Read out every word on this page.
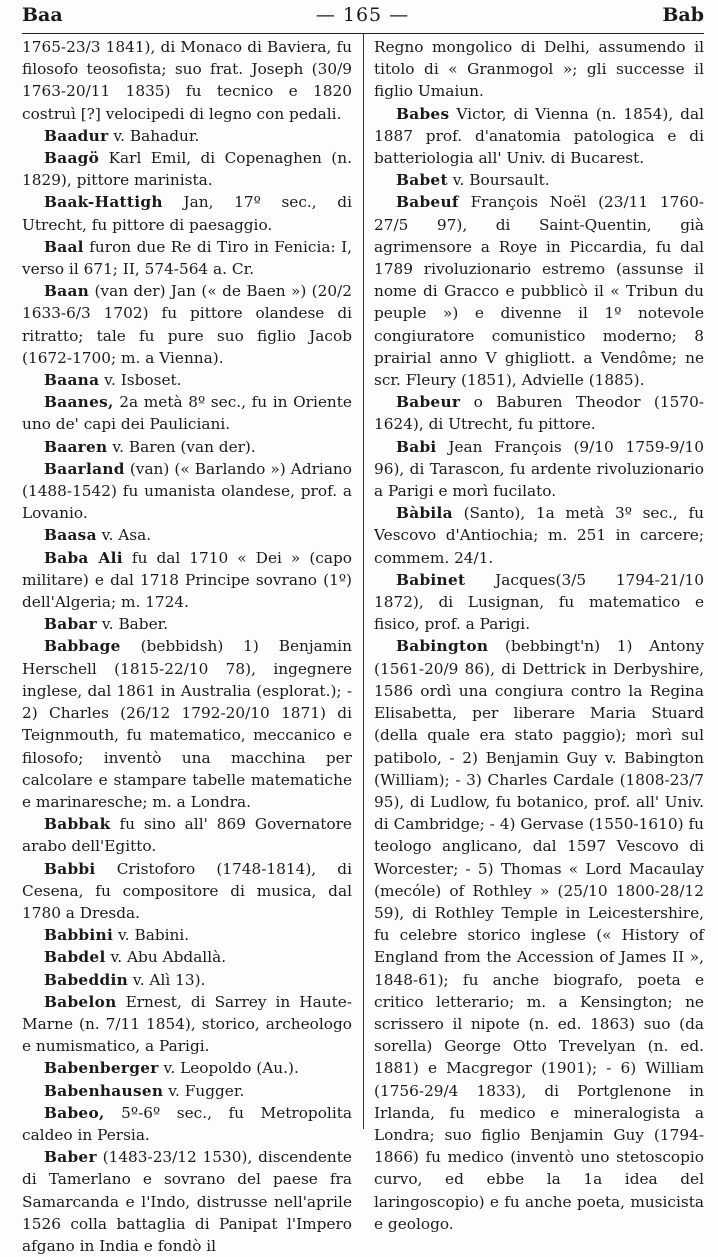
Baa	— 165 —	Bab

1765-23/3 1841), di Monaco di Baviera, fu filosofo teosofista; suo frat. Joseph (30/9 1763-20/11 1835) fu tecnico e 1820 costruì [?] velocipedi di legno con pedali.

Baadur v. Bahadur.

Baagö Karl Emil, di Copenaghen (n. 1829), pittore marinista.

Baak-Hattigh Jan, 17º sec., di Utrecht, fu pittore di paesaggio.

Baal furon due Re di Tiro in Fenicia: I, verso il 671; II, 574-564 a. Cr.

Baan (van der) Jan (« de Baen ») (20/2 1633-6/3 1702) fu pittore olandese di ritratto; tale fu pure suo figlio Jacob (1672-1700; m. a Vienna).

Baana v. Isboset.

Baanes, 2a metà 8º sec., fu in Oriente uno de' capi dei Pauliciani.

Baaren v. Baren (van der).

Baarland (van) (« Barlando ») Adriano (1488-1542) fu umanista olandese, prof. a Lovanio.

Baasa v. Asa.

Baba Ali fu dal 1710 « Dei » (capo militare) e dal 1718 Principe sovrano (1º) dell'Algeria; m. 1724.

Babar v. Baber.

Babbage (bebbidsh) 1) Benjamin Herschell (1815-22/10 78), ingegnere inglese, dal 1861 in Australia (esplorat.); - 2) Charles (26/12 1792-20/10 1871) di Teignmouth, fu matematico, meccanico e filosofo; inventò una macchina per calcolare e stampare tabelle matematiche e marinaresche; m. a Londra.

Babbak fu sino all' 869 Governatore arabo dell'Egitto.

Babbi Cristoforo (1748-1814), di Cesena, fu compositore di musica, dal 1780 a Dresda.

Babbini v. Babini.

Babdel v. Abu Abdallà.

Babeddin v. Alì 13).

Babelon Ernest, di Sarrey in Haute-Marne (n. 7/11 1854), storico, archeologo e numismatico, a Parigi.

Babenberger v. Leopoldo (Au.).

Babenhausen v. Fugger.

Babeo, 5º-6º sec., fu Metropolita caldeo in Persia.

Baber (1483-23/12 1530), discendente di Tamerlano e sovrano del paese fra Samarcanda e l'Indo, distrusse nell'aprile 1526 colla battaglia di Panipat l'Impero afgano in India e fondò il

Regno mongolico di Delhi, assumendo il titolo di « Granmogol »; gli successe il figlio Umaiun.

Babes Victor, di Vienna (n. 1854), dal 1887 prof. d'anatomia patologica e di batteriologia all' Univ. di Bucarest.

Babet v. Boursault.

Babeuf François Noël (23/11 1760-27/5 97), di Saint-Quentin, già agrimensore a Roye in Piccardia, fu dal 1789 rivoluzionario estremo (assunse il nome di Gracco e pubblicò il « Tribun du peuple ») e divenne il 1º notevole congiuratore comunistico moderno; 8 prairial anno V ghigliott. a Vendôme; ne scr. Fleury (1851), Advielle (1885).

Babeur o Baburen Theodor (1570-1624), di Utrecht, fu pittore.

Babi Jean François (9/10 1759-9/10 96), di Tarascon, fu ardente rivoluzionario a Parigi e morì fucilato.

Bàbila (Santo), 1a metà 3º sec., fu Vescovo d'Antiochia; m. 251 in carcere; commem. 24/1.

Babinet Jacques(3/5 1794-21/10 1872), di Lusignan, fu matematico e fisico, prof. a Parigi.

Babington (bebbingt'n) 1) Antony (1561-20/9 86), di Dettrick in Derbyshire, 1586 ordì una congiura contro la Regina Elisabetta, per liberare Maria Stuard (della quale era stato paggio); morì sul patibolo, - 2) Benjamin Guy v. Babington (William); - 3) Charles Cardale (1808-23/7 95), di Ludlow, fu botanico, prof. all' Univ. di Cambridge; - 4) Gervase (1550-1610) fu teologo anglicano, dal 1597 Vescovo di Worcester; - 5) Thomas « Lord Macaulay (mecóle) of Rothley » (25/10 1800-28/12 59), di Rothley Temple in Leicestershire, fu celebre storico inglese (« History of England from the Accession of James II », 1848-61); fu anche biografo, poeta e critico letterario; m. a Kensington; ne scrissero il nipote (n. ed. 1863) suo (da sorella) George Otto Trevelyan (n. ed. 1881) e Macgregor (1901); - 6) William (1756-29/4 1833), di Portglenone in Irlanda, fu medico e mineralogista a Londra; suo figlio Benjamin Guy (1794-1866) fu medico (inventò uno stetoscopio curvo, ed ebbe la 1a idea del laringoscopio) e fu anche poeta, musicista e geologo.
